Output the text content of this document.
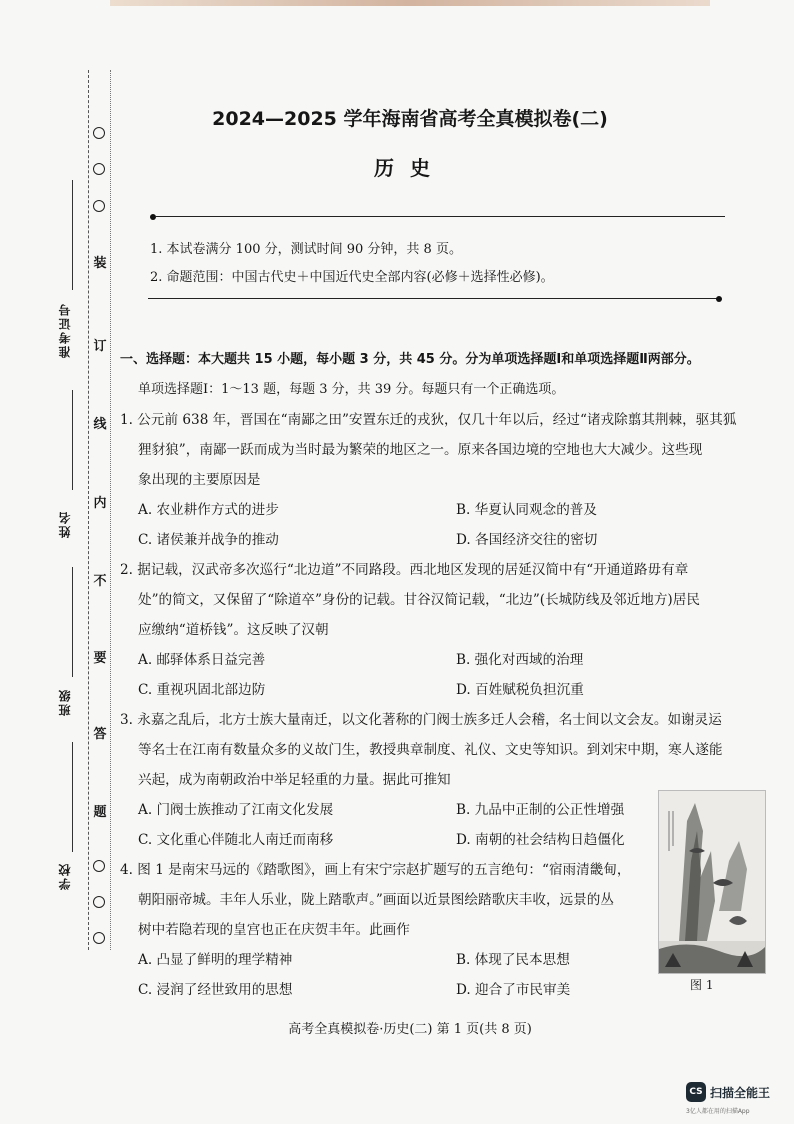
装
订
线
内
不
要
答
题
准考证号
姓名
班级
学校
2024—2025 学年海南省高考全真模拟卷(二)
历史
1. 本试卷满分 100 分，测试时间 90 分钟，共 8 页。
2. 命题范围：中国古代史＋中国近代史全部内容(必修＋选择性必修)。
一、选择题：本大题共 15 小题，每小题 3 分，共 45 分。分为单项选择题Ⅰ和单项选择题Ⅱ两部分。
单项选择题Ⅰ：1～13 题，每题 3 分，共 39 分。每题只有一个正确选项。
1. 公元前 638 年，晋国在“南鄙之田”安置东迁的戎狄，仅几十年以后，经过“诸戎除翦其荆棘，驱其狐
狸豺狼”，南鄙一跃而成为当时最为繁荣的地区之一。原来各国边境的空地也大大减少。这些现
象出现的主要原因是
A. 农业耕作方式的进步	B. 华夏认同观念的普及
C. 诸侯兼并战争的推动	D. 各国经济交往的密切
2. 据记载，汉武帝多次巡行“北边道”不同路段。西北地区发现的居延汉简中有“开通道路毋有章
处”的简文，又保留了“除道卒”身份的记载。甘谷汉简记载，“北边”(长城防线及邻近地方)居民
应缴纳“道桥钱”。这反映了汉朝
A. 邮驿体系日益完善	B. 强化对西域的治理
C. 重视巩固北部边防	D. 百姓赋税负担沉重
3. 永嘉之乱后，北方士族大量南迁，以文化著称的门阀士族多迁人会稽，名士间以文会友。如谢灵运
等名士在江南有数量众多的义故门生，教授典章制度、礼仪、文史等知识。到刘宋中期，寒人遂能
兴起，成为南朝政治中举足轻重的力量。据此可推知
A. 门阀士族推动了江南文化发展	B. 九品中正制的公正性增强
C. 文化重心伴随北人南迁而南移	D. 南朝的社会结构日趋僵化
4. 图 1 是南宋马远的《踏歌图》，画上有宋宁宗赵扩题写的五言绝句：“宿雨清畿甸，
朝阳丽帝城。丰年人乐业，陇上踏歌声。”画面以近景图绘踏歌庆丰收，远景的丛
树中若隐若现的皇宫也正在庆贺丰年。此画作
A. 凸显了鲜明的理学精神	B. 体现了民本思想
C. 浸润了经世致用的思想	D. 迎合了市民审美	图 1
高考全真模拟卷·历史(二) 第 1 页(共 8 页)
CS 扫描全能王
3亿人都在用的扫描App
